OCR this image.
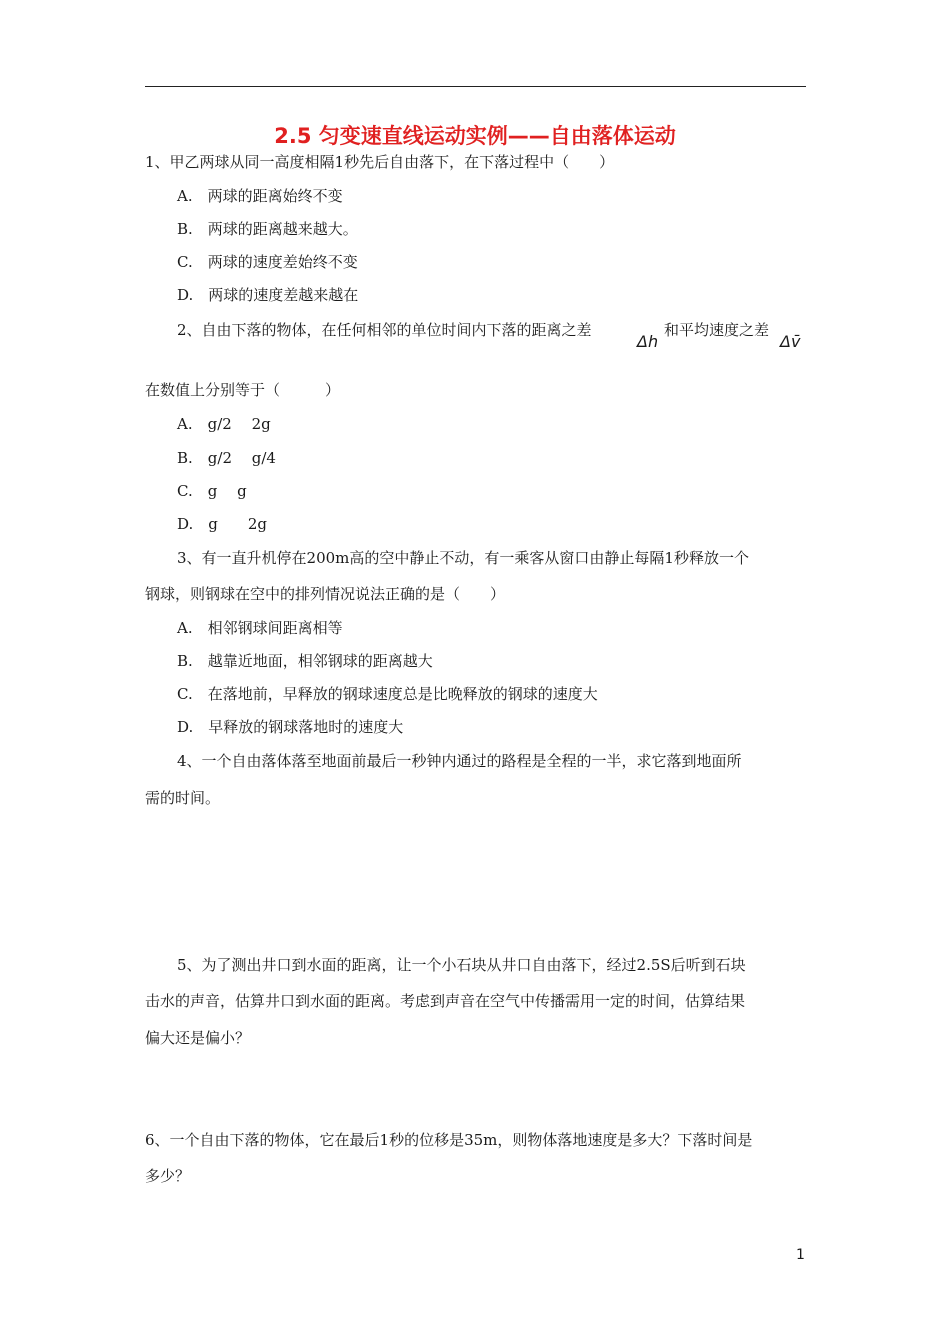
2.5 匀变速直线运动实例——自由落体运动
1、甲乙两球从同一高度相隔1秒先后自由落下，在下落过程中（　　）
A.　两球的距离始终不变
B.　两球的距离越来越大。
C.　两球的速度差始终不变
D.　两球的速度差越来越在
2、自由下落的物体，在任何相邻的单位时间内下落的距离之差
Δh
和平均速度之差
Δv̄
在数值上分别等于（　　　）
A.　g/2　 2g
B.　g/2　 g/4
C.　g　 g
D.　g　　2g
3、有一直升机停在200m高的空中静止不动，有一乘客从窗口由静止每隔1秒释放一个
钢球，则钢球在空中的排列情况说法正确的是（　　）
A.　相邻钢球间距离相等
B.　越靠近地面，相邻钢球的距离越大
C.　在落地前，早释放的钢球速度总是比晚释放的钢球的速度大
D.　早释放的钢球落地时的速度大
4、一个自由落体落至地面前最后一秒钟内通过的路程是全程的一半，求它落到地面所
需的时间。
5、为了测出井口到水面的距离，让一个小石块从井口自由落下，经过2.5S后听到石块
击水的声音，估算井口到水面的距离。考虑到声音在空气中传播需用一定的时间，估算结果
偏大还是偏小？
6、一个自由下落的物体，它在最后1秒的位移是35m，则物体落地速度是多大？下落时间是
多少？
1
